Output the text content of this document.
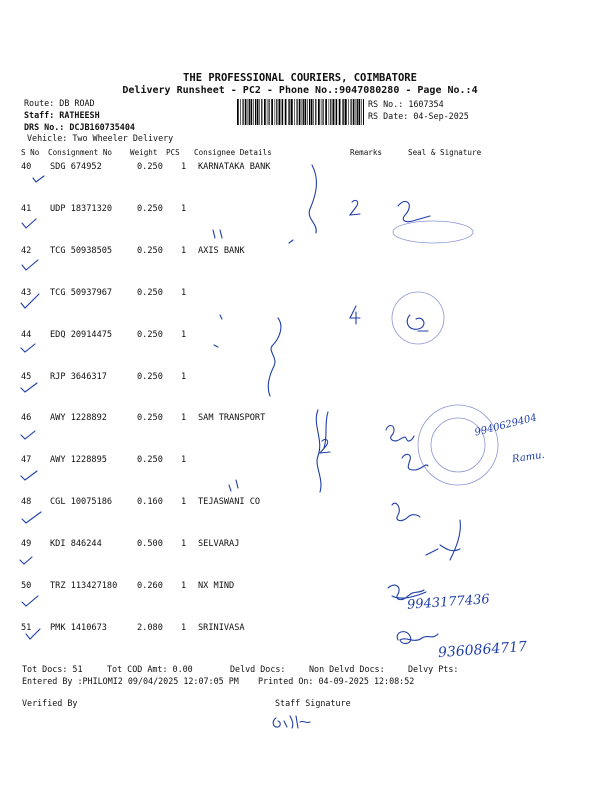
THE PROFESSIONAL COURIERS, COIMBATORE
Delivery Runsheet - PC2 - Phone No.:9047080280 - Page No.:4
Route: DB ROAD
Staff: RATHEESH
DRS No.: DCJB160735404
Vehicle: Two Wheeler Delivery
RS No.: 1607354
RS Date: 04-Sep-2025
S No Consignment No Weight PCS Consignee Details	Remarks	Seal & Signature
40 SDG 674952	0.250 1 KARNATAKA BANK
41 UDP 18371320	0.250 1
42 TCG 50938505	0.250 1 AXIS BANK
43 TCG 50937967	0.250 1
44 EDQ 20914475	0.250 1
45 RJP 3646317	0.250 1
46 AWY 1228892	0.250 1 SAM TRANSPORT
47 AWY 1228895	0.250 1
48 CGL 10075186	0.160 1 TEJASWANI CO
49 KDI 846244	0.500 1 SELVARAJ
50 TRZ 113427180 0.260 1 NX MIND
51 PMK 1410673	2.080 1 SRINIVASA
9940629404
Ramu.
9943177436
9360864717
Tot Docs: 51	Tot COD Amt: 0.00	Delvd Docs:	Non Delvd Docs:	Delvy Pts:
Entered By :PHILOMI2 09/04/2025 12:07:05 PM Printed On: 04-09-2025 12:08:52
Verified By	Staff Signature
